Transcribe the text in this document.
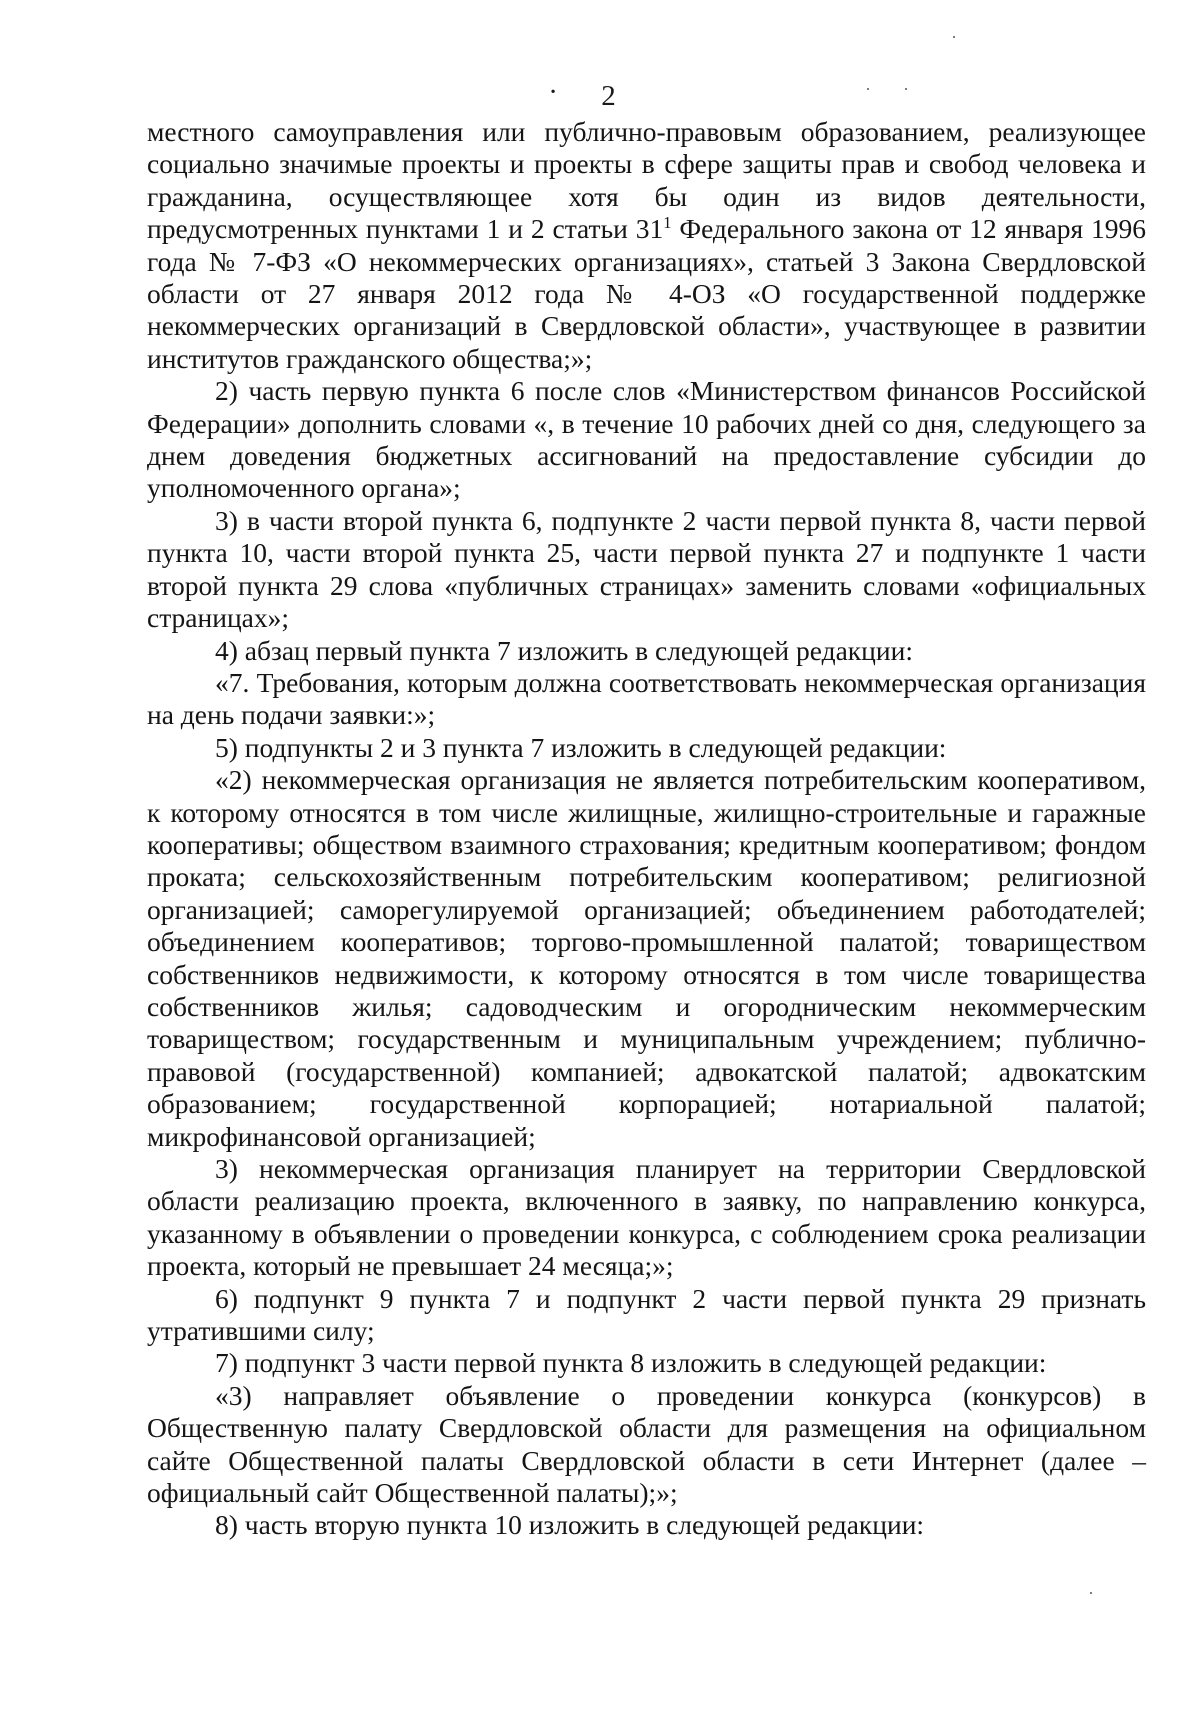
· 2

местного самоуправления или публично-правовым образованием, реализующее социально значимые проекты и проекты в сфере защиты прав и свобод человека и гражданина, осуществляющее хотя бы один из видов деятельности, предусмотренных пунктами 1 и 2 статьи $31^1$ Федерального закона от 12 января 1996 года № 7-ФЗ «О некоммерческих организациях», статьей 3 Закона Свердловской области от 27 января 2012 года № 4-ОЗ «О государственной поддержке некоммерческих организаций в Свердловской области», участвующее в развитии институтов гражданского общества;»;

2) часть первую пункта 6 после слов «Министерством финансов Российской Федерации» дополнить словами «, в течение 10 рабочих дней со дня, следующего за днем доведения бюджетных ассигнований на предоставление субсидии до уполномоченного органа»;

3) в части второй пункта 6, подпункте 2 части первой пункта 8, части первой пункта 10, части второй пункта 25, части первой пункта 27 и подпункте 1 части второй пункта 29 слова «публичных страницах» заменить словами «официальных страницах»;

4) абзац первый пункта 7 изложить в следующей редакции:

«7. Требования, которым должна соответствовать некоммерческая организация на день подачи заявки:»;

5) подпункты 2 и 3 пункта 7 изложить в следующей редакции:

«2) некоммерческая организация не является потребительским кооперативом, к которому относятся в том числе жилищные, жилищно-строительные и гаражные кооперативы; обществом взаимного страхования; кредитным кооперативом; фондом проката; сельскохозяйственным потребительским кооперативом; религиозной организацией; саморегулируемой организацией; объединением работодателей; объединением кооперативов; торгово-промышленной палатой; товариществом собственников недвижимости, к которому относятся в том числе товарищества собственников жилья; садоводческим и огородническим некоммерческим товариществом; государственным и муниципальным учреждением; публично-правовой (государственной) компанией; адвокатской палатой; адвокатским образованием; государственной корпорацией; нотариальной палатой; микрофинансовой организацией;

3) некоммерческая организация планирует на территории Свердловской области реализацию проекта, включенного в заявку, по направлению конкурса, указанному в объявлении о проведении конкурса, с соблюдением срока реализации проекта, который не превышает 24 месяца;»;

6) подпункт 9 пункта 7 и подпункт 2 части первой пункта 29 признать утратившими силу;

7) подпункт 3 части первой пункта 8 изложить в следующей редакции:

«3) направляет объявление о проведении конкурса (конкурсов) в Общественную палату Свердловской области для размещения на официальном сайте Общественной палаты Свердловской области в сети Интернет (далее – официальный сайт Общественной палаты);»;

8) часть вторую пункта 10 изложить в следующей редакции:
